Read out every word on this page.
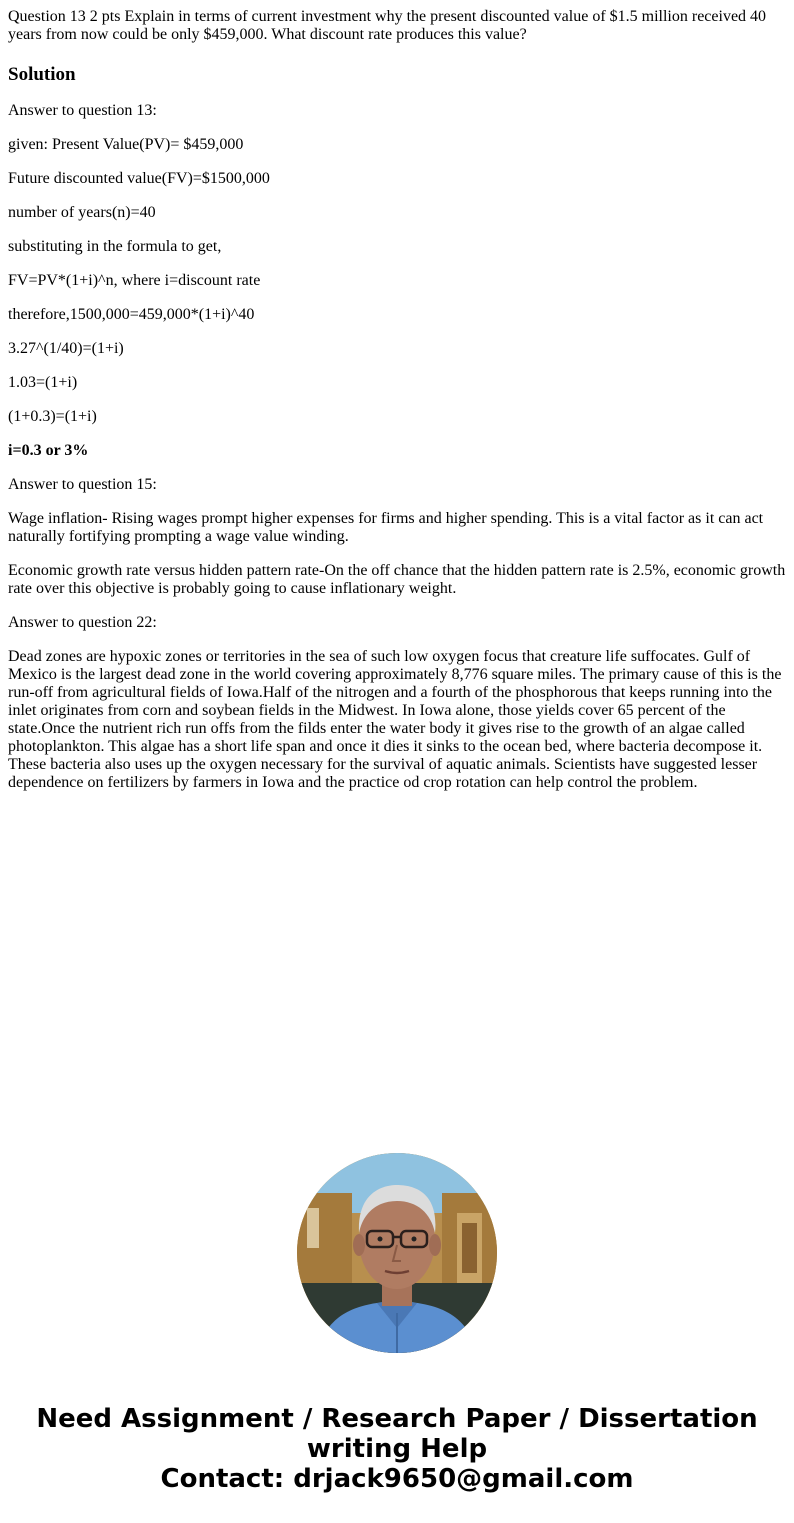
Question 13 2 pts Explain in terms of current investment why the present discounted value of $1.5 million received 40 years from now could be only $459,000. What discount rate produces this value?

Solution

Answer to question 13:

given: Present Value(PV)= $459,000

Future discounted value(FV)=$1500,000

number of years(n)=40

substituting in the formula to get,

FV=PV*(1+i)^n, where i=discount rate

therefore,1500,000=459,000*(1+i)^40

3.27^(1/40)=(1+i)

1.03=(1+i)

(1+0.3)=(1+i)

i=0.3 or 3%

Answer to question 15:

Wage inflation- Rising wages prompt higher expenses for firms and higher spending. This is a vital factor as it can act naturally fortifying prompting a wage value winding.

Economic growth rate versus hidden pattern rate-On the off chance that the hidden pattern rate is 2.5%, economic growth rate over this objective is probably going to cause inflationary weight.

Answer to question 22:

Dead zones are hypoxic zones or territories in the sea of such low oxygen focus that creature life suffocates. Gulf of Mexico is the largest dead zone in the world covering approximately 8,776 square miles. The primary cause of this is the run-off from agricultural fields of Iowa.Half of the nitrogen and a fourth of the phosphorous that keeps running into the inlet originates from corn and soybean fields in the Midwest. In Iowa alone, those yields cover 65 percent of the state.Once the nutrient rich run offs from the filds enter the water body it gives rise to the growth of an algae called photoplankton. This algae has a short life span and once it dies it sinks to the ocean bed, where bacteria decompose it. These bacteria also uses up the oxygen necessary for the survival of aquatic animals. Scientists have suggested lesser dependence on fertilizers by farmers in Iowa and the practice od crop rotation can help control the problem.

Need Assignment / Research Paper / Dissertation
writing Help
Contact: drjack9650@gmail.com
